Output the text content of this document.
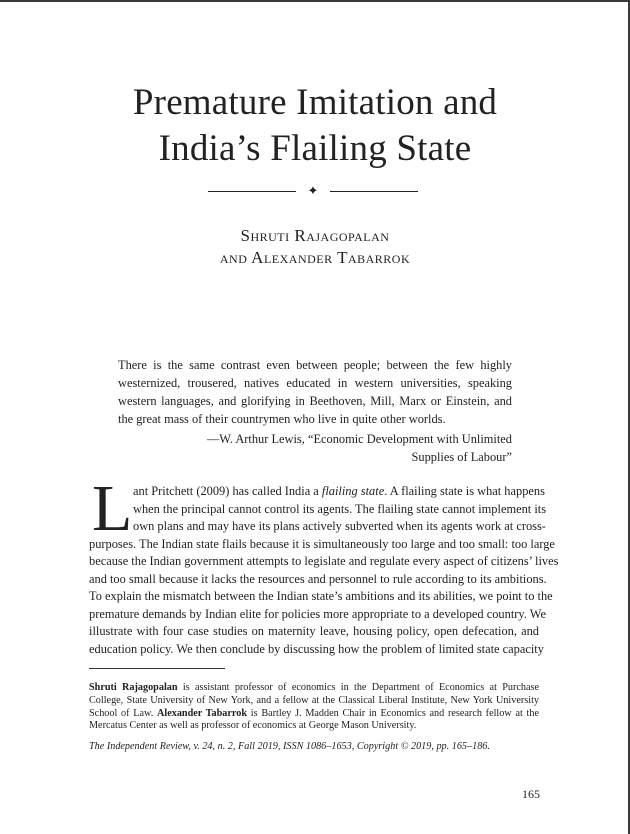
Premature Imitation and
India’s Flailing State
✦
Shruti Rajagopalan
and Alexander Tabarrok
There is the same contrast even between people; between the few highly westernized, trousered, natives educated in western universities, speaking western languages, and glorifying in Beethoven, Mill, Marx or Einstein, and the great mass of their countrymen who live in quite other worlds.
—W. Arthur Lewis, “Economic Development with Unlimited
Supplies of Labour”
L ant Pritchett (2009) has called India a flailing state. A flailing state is what happens
when the principal cannot control its agents. The flailing state cannot implement its
own plans and may have its plans actively subverted when its agents work at cross-
purposes. The Indian state flails because it is simultaneously too large and too small: too large
because the Indian government attempts to legislate and regulate every aspect of citizens’ lives
and too small because it lacks the resources and personnel to rule according to its ambitions.
To explain the mismatch between the Indian state’s ambitions and its abilities, we point to the
premature demands by Indian elite for policies more appropriate to a developed country. We
illustrate with four case studies on maternity leave, housing policy, open defecation, and
education policy. We then conclude by discussing how the problem of limited state capacity
Shruti Rajagopalan is assistant professor of economics in the Department of Economics at Purchase College, State University of New York, and a fellow at the Classical Liberal Institute, New York University School of Law. Alexander Tabarrok is Bartley J. Madden Chair in Economics and research fellow at the Mercatus Center as well as professor of economics at George Mason University.
The Independent Review, v. 24, n. 2, Fall 2019, ISSN 1086–1653, Copyright © 2019, pp. 165–186.
165
